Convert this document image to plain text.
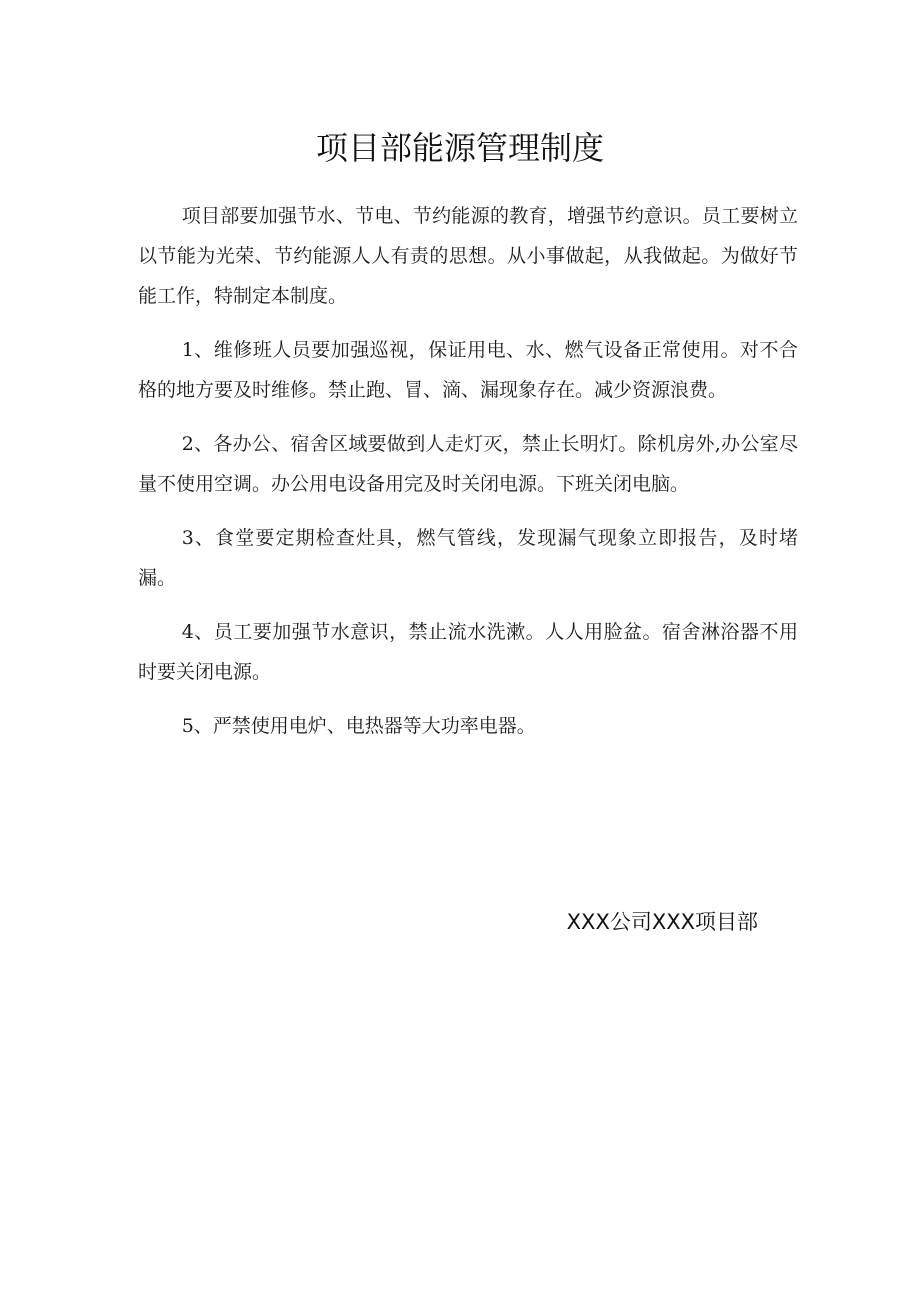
项目部能源管理制度

项目部要加强节水、节电、节约能源的教育，增强节约意识。员工要树立以节能为光荣、节约能源人人有责的思想。从小事做起，从我做起。为做好节能工作，特制定本制度。

1、维修班人员要加强巡视，保证用电、水、燃气设备正常使用。对不合格的地方要及时维修。禁止跑、冒、滴、漏现象存在。减少资源浪费。

2、各办公、宿舍区域要做到人走灯灭，禁止长明灯。除机房外,办公室尽量不使用空调。办公用电设备用完及时关闭电源。下班关闭电脑。

3、食堂要定期检查灶具，燃气管线，发现漏气现象立即报告，及时堵漏。

4、员工要加强节水意识，禁止流水洗漱。人人用脸盆。宿舍淋浴器不用时要关闭电源。

5、严禁使用电炉、电热器等大功率电器。

XXX公司XXX项目部
